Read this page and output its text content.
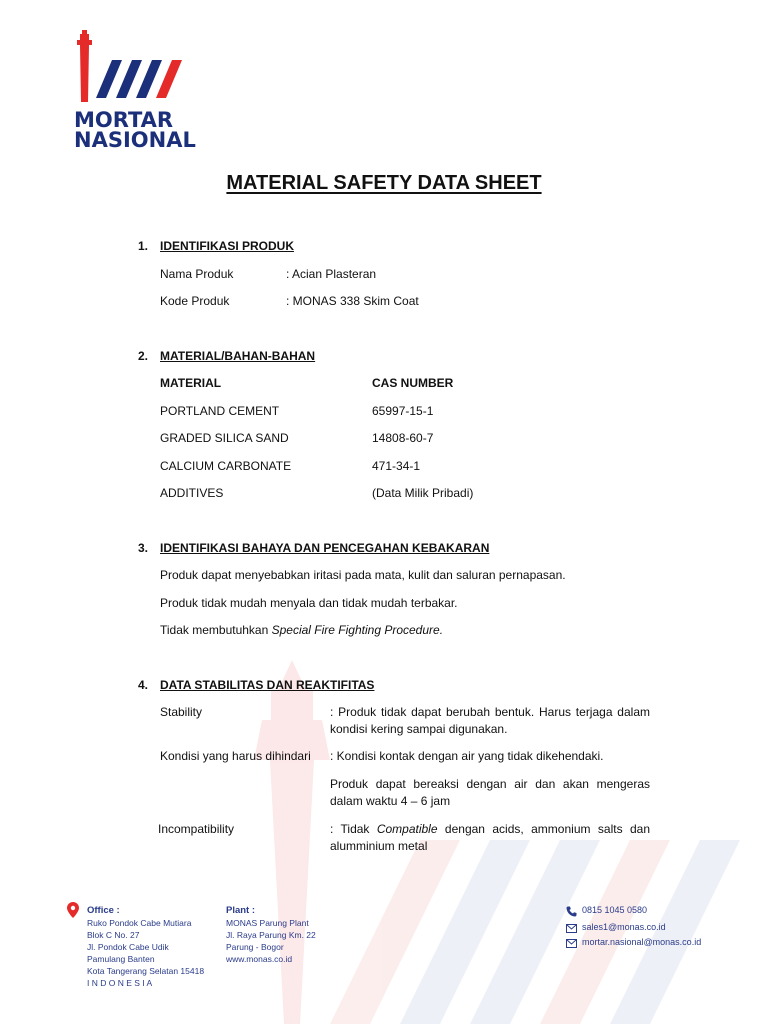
MORTAR
NASIONAL
MATERIAL SAFETY DATA SHEET
1. IDENTIFIKASI PRODUK
Nama Produk	: Acian Plasteran
Kode Produk	: MONAS 338 Skim Coat
2. MATERIAL/BAHAN-BAHAN
MATERIAL	CAS NUMBER
PORTLAND CEMENT	65997-15-1
GRADED SILICA SAND	14808-60-7
CALCIUM CARBONATE	471-34-1
ADDITIVES	(Data Milik Pribadi)
3. IDENTIFIKASI BAHAYA DAN PENCEGAHAN KEBAKARAN
Produk dapat menyebabkan iritasi pada mata, kulit dan saluran pernapasan.
Produk tidak mudah menyala dan tidak mudah terbakar.
Tidak membutuhkan Special Fire Fighting Procedure.
4. DATA STABILITAS DAN REAKTIFITAS
Stability	: Produk tidak dapat berubah bentuk. Harus terjaga dalam kondisi kering sampai digunakan.
Kondisi yang harus dihindari : Kondisi kontak dengan air yang tidak dikehendaki.
Produk dapat bereaksi dengan air dan akan mengeras dalam waktu 4 – 6 jam
Incompatibility	: Tidak Compatible dengan acids, ammonium salts dan alumminium metal
Office :
Ruko Pondok Cabe Mutiara
Blok C No. 27
Jl. Pondok Cabe Udik
Pamulang Banten
Kota Tangerang Selatan 15418
I N D O N E S I A
Plant :
MONAS Parung Plant
Jl. Raya Parung Km. 22
Parung - Bogor
www.monas.co.id
0815 1045 0580
sales1@monas.co.id
mortar.nasional@monas.co.id
